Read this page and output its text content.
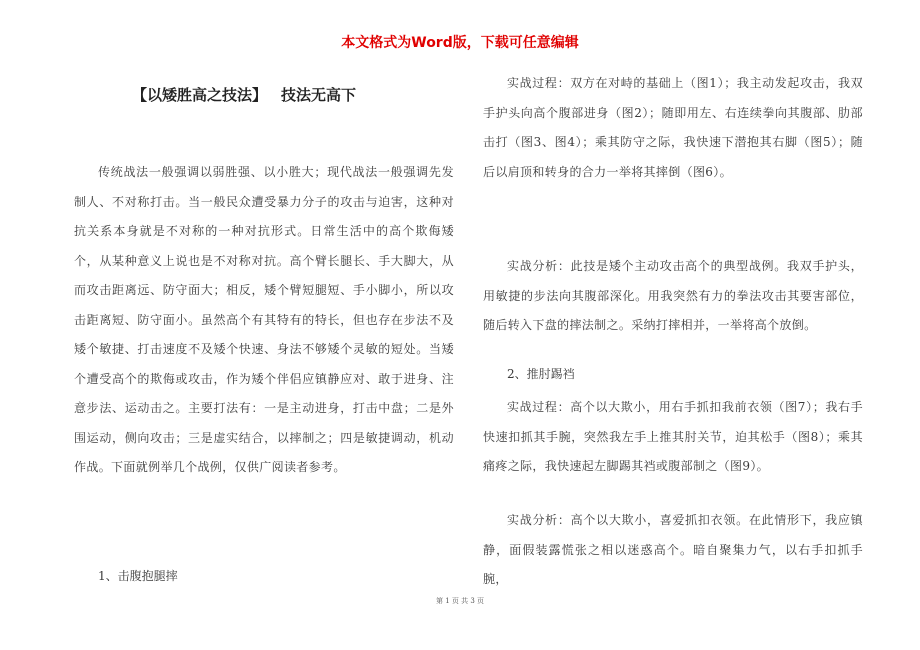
本文格式为Word版，下载可任意编辑
【以矮胜高之技法】 技法无高下

传统战法一般强调以弱胜强、以小胜大；现代战法一般强调先发制人、不对称打击。当一般民众遭受暴力分子的攻击与迫害，这种对抗关系本身就是不对称的一种对抗形式。日常生活中的高个欺侮矮个，从某种意义上说也是不对称对抗。高个臂长腿长、手大脚大，从而攻击距离远、防守面大；相反，矮个臂短腿短、手小脚小，所以攻击距离短、防守面小。虽然高个有其特有的特长，但也存在步法不及矮个敏捷、打击速度不及矮个快速、身法不够矮个灵敏的短处。当矮个遭受高个的欺侮或攻击，作为矮个伴侣应镇静应对、敢于进身、注意步法、运动击之。主要打法有：一是主动进身，打击中盘；二是外围运动，侧向攻击；三是虚实结合，以摔制之；四是敏捷调动，机动作战。下面就例举几个战例，仅供广阅读者参考。

1、击腹抱腿摔

实战过程：双方在对峙的基础上（图1）；我主动发起攻击，我双手护头向高个腹部进身（图2）；随即用左、右连续拳向其腹部、肋部击打（图3、图4）；乘其防守之际，我快速下潜抱其右脚（图5）；随后以肩顶和转身的合力一举将其摔倒（图6）。

实战分析：此技是矮个主动攻击高个的典型战例。我双手护头，用敏捷的步法向其腹部深化。用我突然有力的拳法攻击其要害部位，随后转入下盘的摔法制之。采纳打摔相并，一举将高个放倒。

2、推肘踢裆

实战过程：高个以大欺小，用右手抓扣我前衣领（图7）；我右手快速扣抓其手腕，突然我左手上推其肘关节，迫其松手（图8）；乘其痛疼之际，我快速起左脚踢其裆或腹部制之（图9）。

实战分析：高个以大欺小，喜爱抓扣衣领。在此情形下，我应镇静，面假装露慌张之相以迷惑高个。暗自聚集力气，以右手扣抓手腕，

第 1 页 共 3 页
